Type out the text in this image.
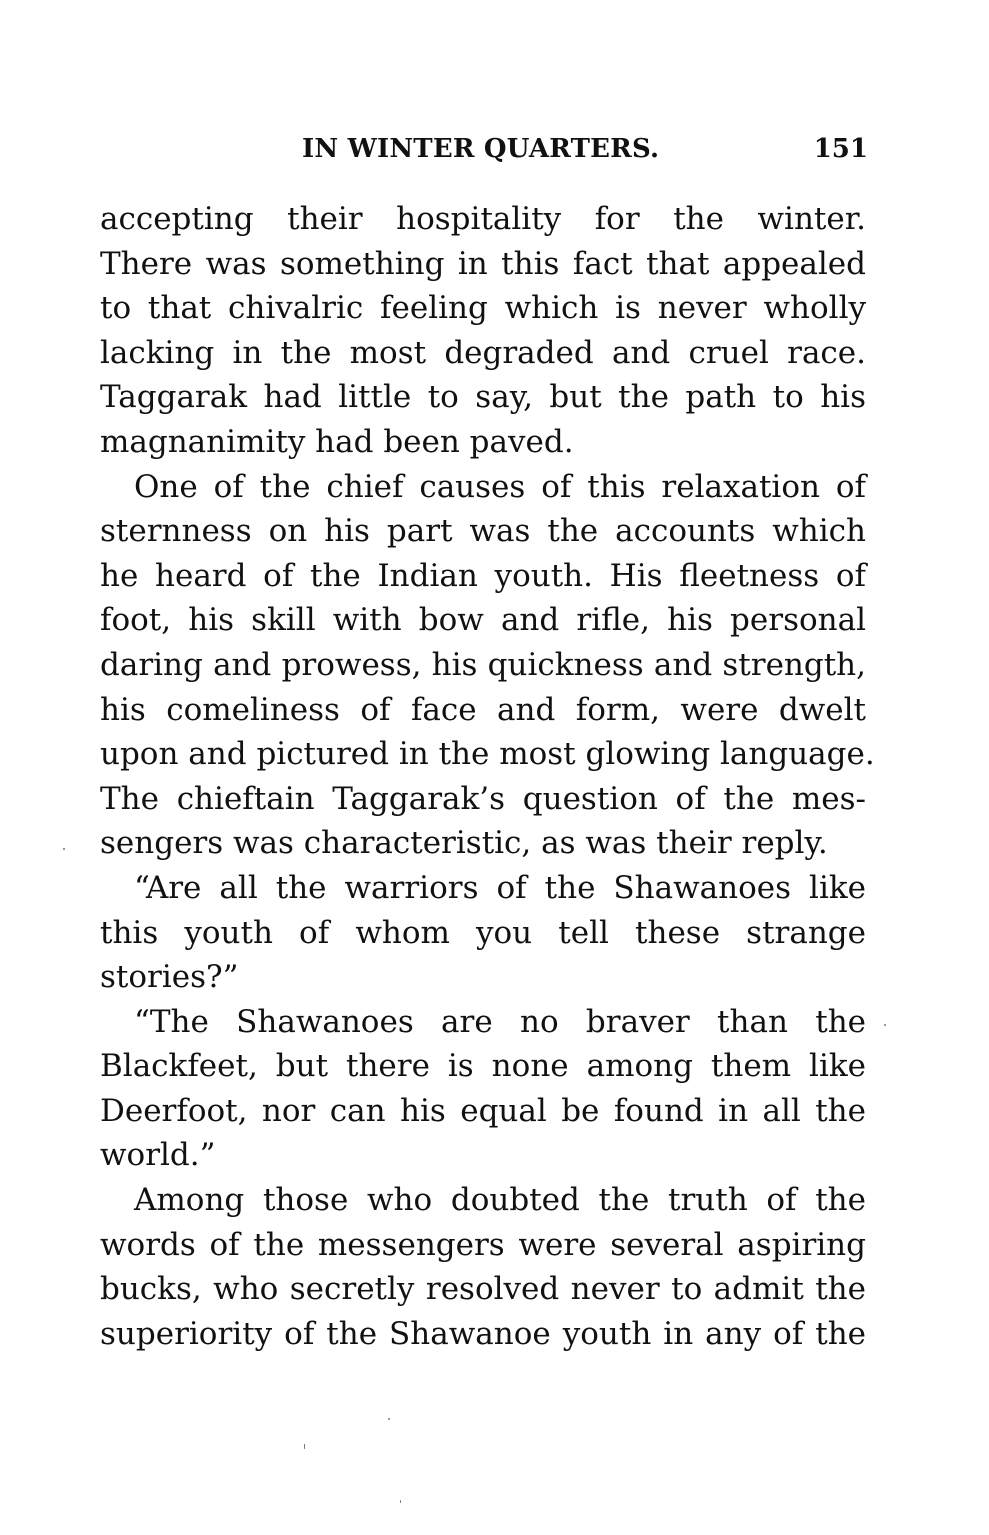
IN WINTER QUARTERS.	151
accepting their hospitality for the winter.
There was something in this fact that appealed
to that chivalric feeling which is never wholly
lacking in the most degraded and cruel race.
Taggarak had little to say, but the path to his
magnanimity had been paved.
One of the chief causes of this relaxation of
sternness on his part was the accounts which
he heard of the Indian youth. His fleetness of
foot, his skill with bow and rifle, his personal
daring and prowess, his quickness and strength,
his comeliness of face and form, were dwelt
upon and pictured in the most glowing language.
The chieftain Taggarak’s question of the mes-
sengers was characteristic, as was their reply.
“Are all the warriors of the Shawanoes like
this youth of whom you tell these strange
stories?”
“The Shawanoes are no braver than the
Blackfeet, but there is none among them like
Deerfoot, nor can his equal be found in all the
world.”
Among those who doubted the truth of the
words of the messengers were several aspiring
bucks, who secretly resolved never to admit the
superiority of the Shawanoe youth in any of the
